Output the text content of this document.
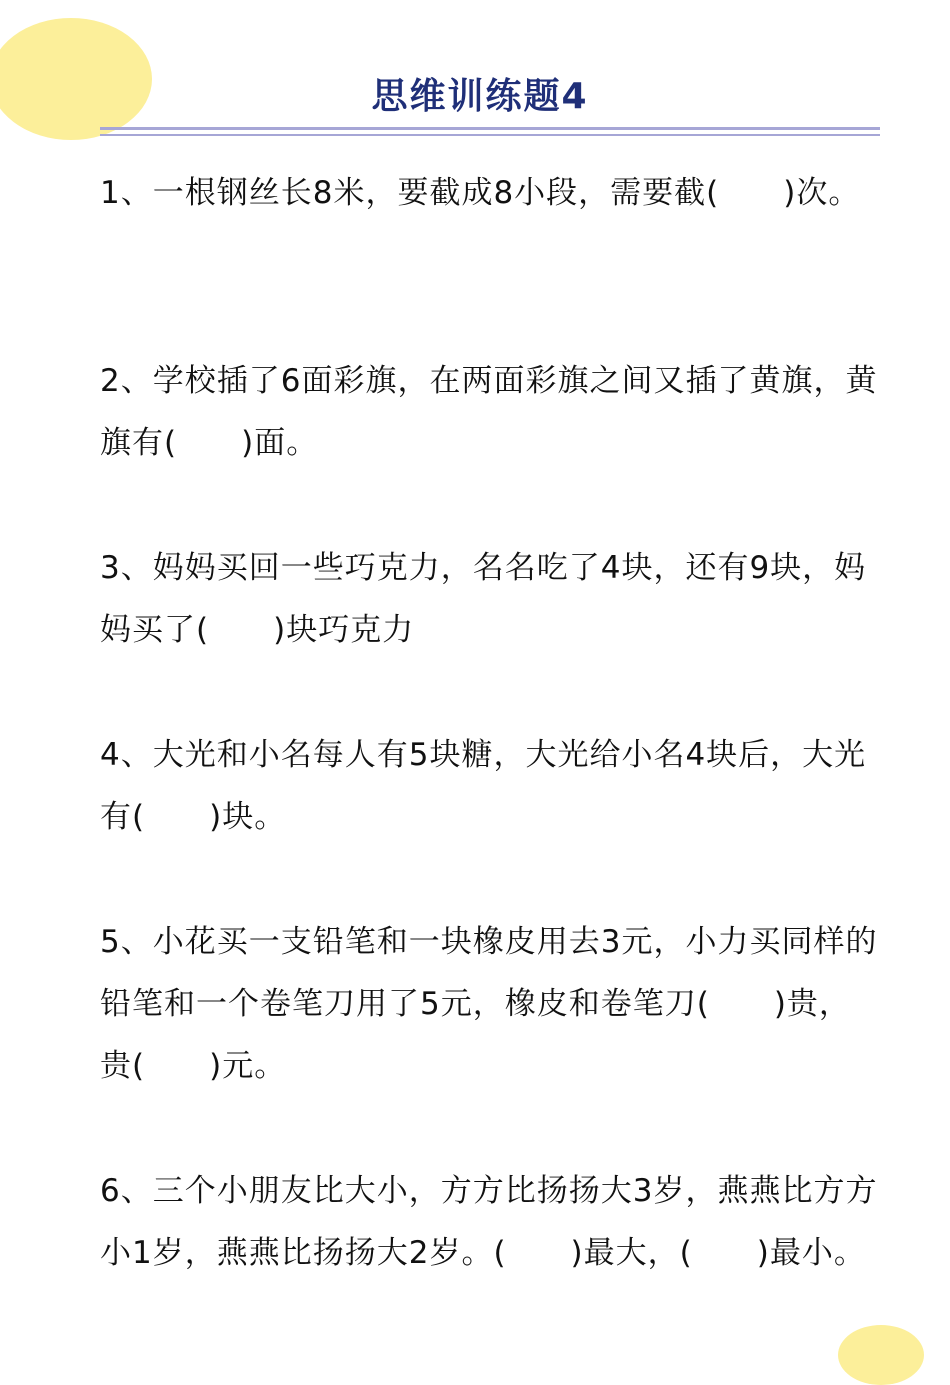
思维训练题4
1、一根钢丝长8米，要截成8小段，需要截(　　)次。
2、学校插了6面彩旗，在两面彩旗之间又插了黄旗，黄旗有(　　)面。
3、妈妈买回一些巧克力，名名吃了4块，还有9块，妈妈买了(　　)块巧克力
4、大光和小名每人有5块糖，大光给小名4块后，大光有(　　)块。
5、小花买一支铅笔和一块橡皮用去3元，小力买同样的铅笔和一个卷笔刀用了5元，橡皮和卷笔刀(　　)贵，贵(　　)元。
6、三个小朋友比大小，方方比扬扬大3岁，燕燕比方方小1岁，燕燕比扬扬大2岁。(　　)最大，(　　)最小。
